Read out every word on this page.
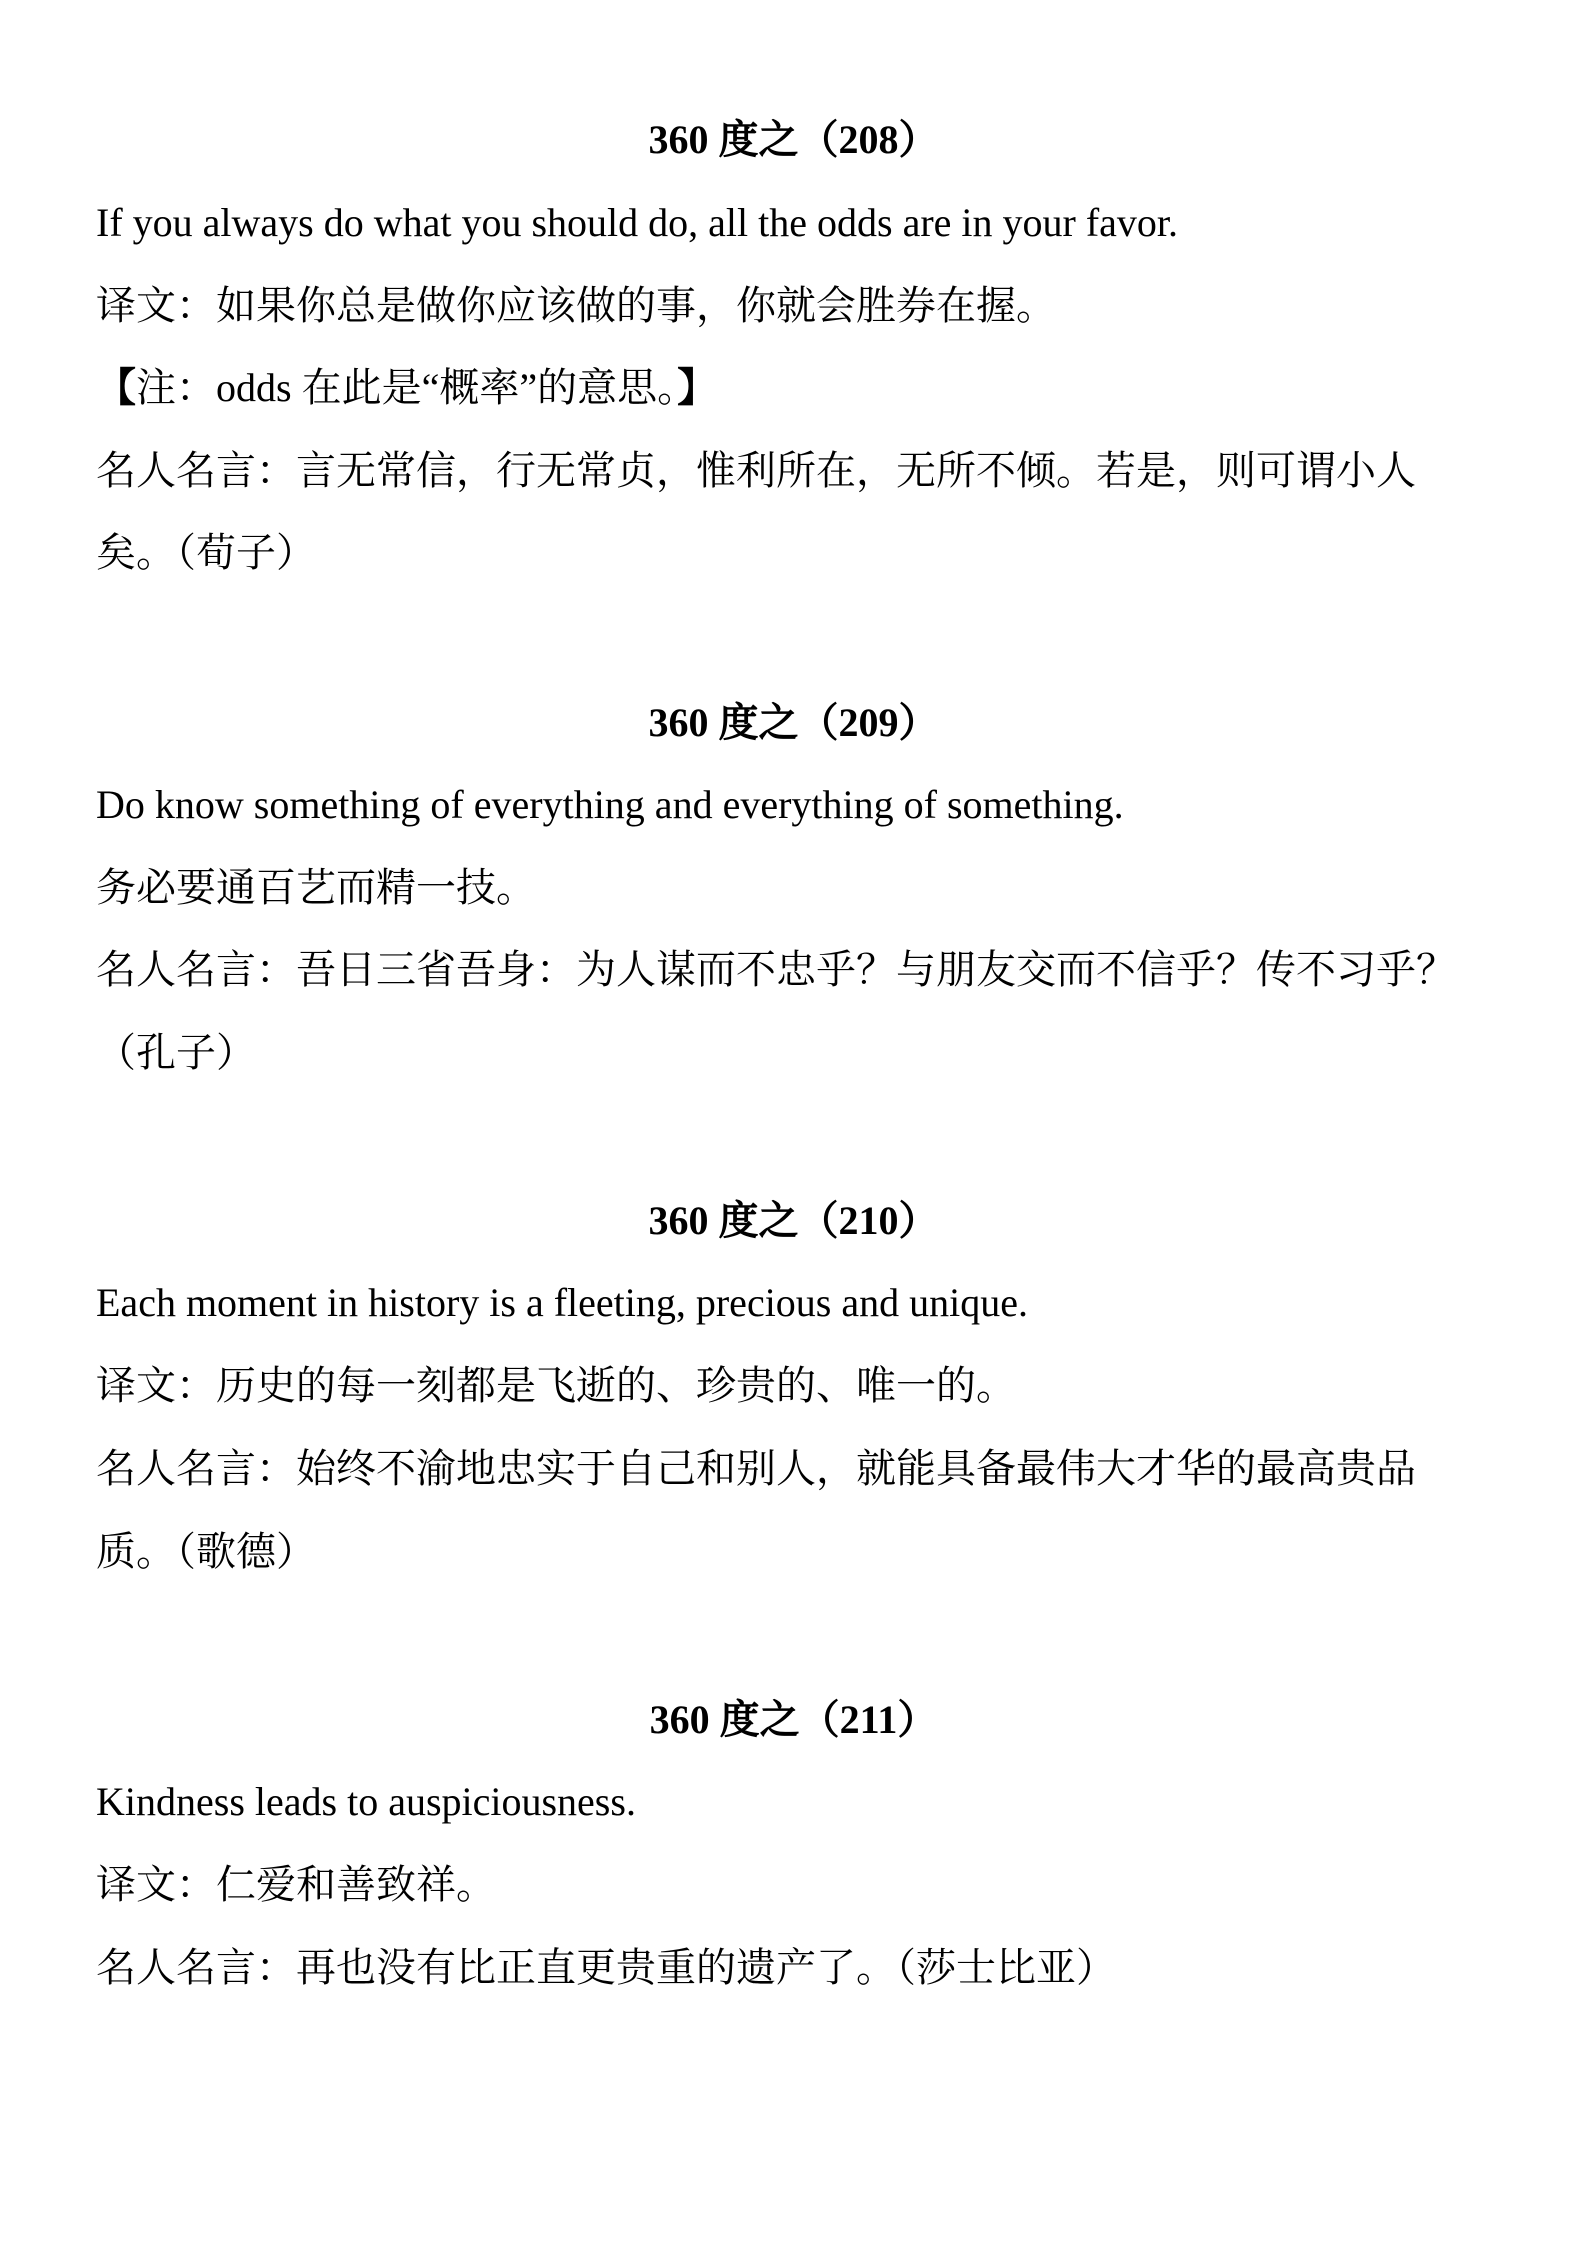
360 度之（208）
If you always do what you should do, all the odds are in your favor.
译文：如果你总是做你应该做的事，你就会胜券在握。
【注：odds 在此是“概率”的意思。】
名人名言：言无常信，行无常贞，惟利所在，无所不倾。若是，则可谓小人
矣。（荀子）
360 度之（209）
Do know something of everything and everything of something.
务必要通百艺而精一技。
名人名言：吾日三省吾身：为人谋而不忠乎？与朋友交而不信乎？传不习乎？
（孔子）
360 度之（210）
Each moment in history is a fleeting, precious and unique.
译文：历史的每一刻都是飞逝的、珍贵的、唯一的。
名人名言：始终不渝地忠实于自己和别人，就能具备最伟大才华的最高贵品
质。（歌德）
360 度之（211）
Kindness leads to auspiciousness.
译文：仁爱和善致祥。
名人名言：再也没有比正直更贵重的遗产了。（莎士比亚）
